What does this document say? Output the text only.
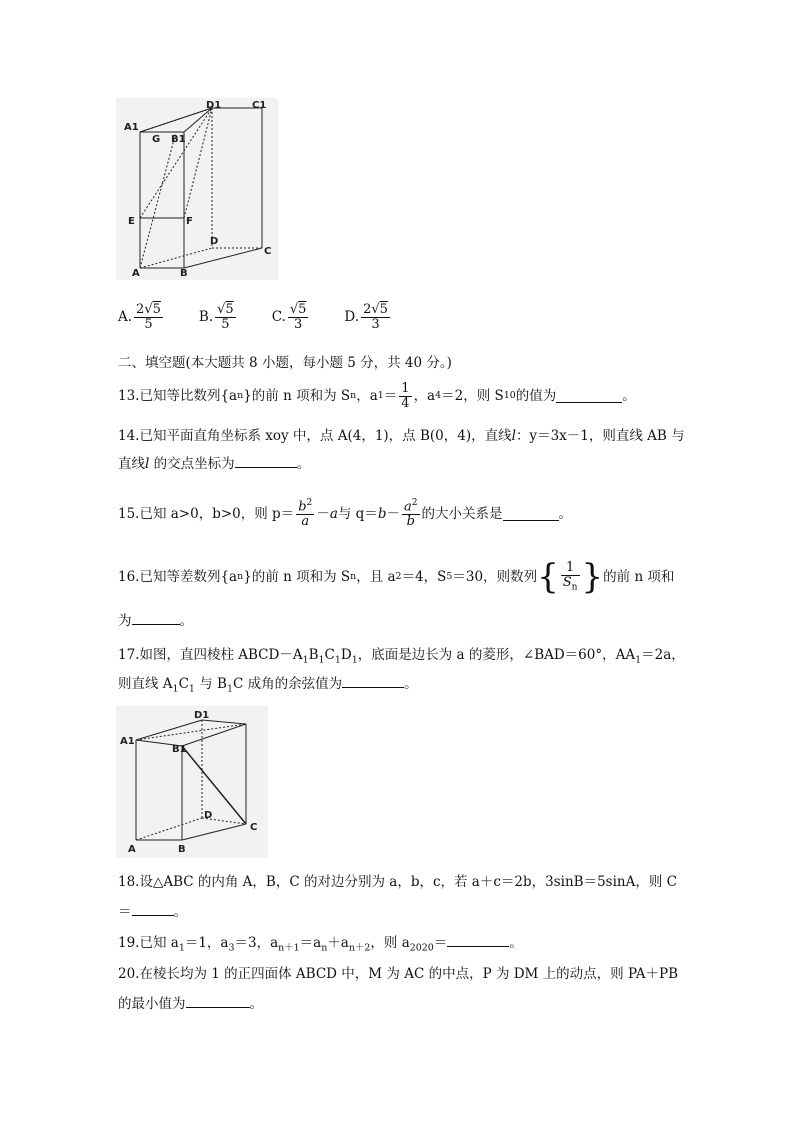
A1
G B1
D1	C1
E	F
D
C
A	B
A. $\frac{2√5}{5}$	B. $\frac{√5}{5}$	C. $\frac{√5}{3}$	D. $\frac{2√5}{3}$
二、填空题(本大题共 8 小题，每小题 5 分，共 40 分。)
13.已知等比数列{a n }的前 n 项和为 S n ，a $1 = \frac{1}{4}$ ，a 4 ＝2，则 S 10 的值为	。
14.已知平面直角坐标系 xoy 中，点 A(4，1)，点 B(0，4)，直线l：y＝3x－1，则直线 AB 与
直线l 的交点坐标为	。
15.已知 a>0，b>0，则 $p= \frac{b^2}{a} - a$ 与 $q= b - \frac{a^2}{b}$ 的大小关系是	。
16.已知等差数列{a n }的前 n 项和为 S n ，且 a 2 ＝4，S 5 ＝30，则数列 { $\frac{1}{S_n}$ } 的前 n 项和
为	。
17.如图，直四棱柱 $ABCD-A_1B_1C_1D_1$，底面是边长为 a 的菱形，∠BAD＝60°，$AA_1=2a$，
则直线 $A_1C_1$ 与 $B_1C$ 成角的余弦值为	。
D1
A1
B1
D
C
A	B
18.设△ABC 的内角 A，B，C 的对边分别为 a，b，c，若 a＋c＝2b，3sinB＝5sinA，则 C
＝	。
19.已知 $a_1=1$，$a_3=3$，$a_{n+1}=a_n+a_{n+2}$，则 $a_{2020}=$	。
20.在棱长均为 1 的正四面体 ABCD 中，M 为 AC 的中点，P 为 DM 上的动点，则 PA＋PB
的最小值为	。
